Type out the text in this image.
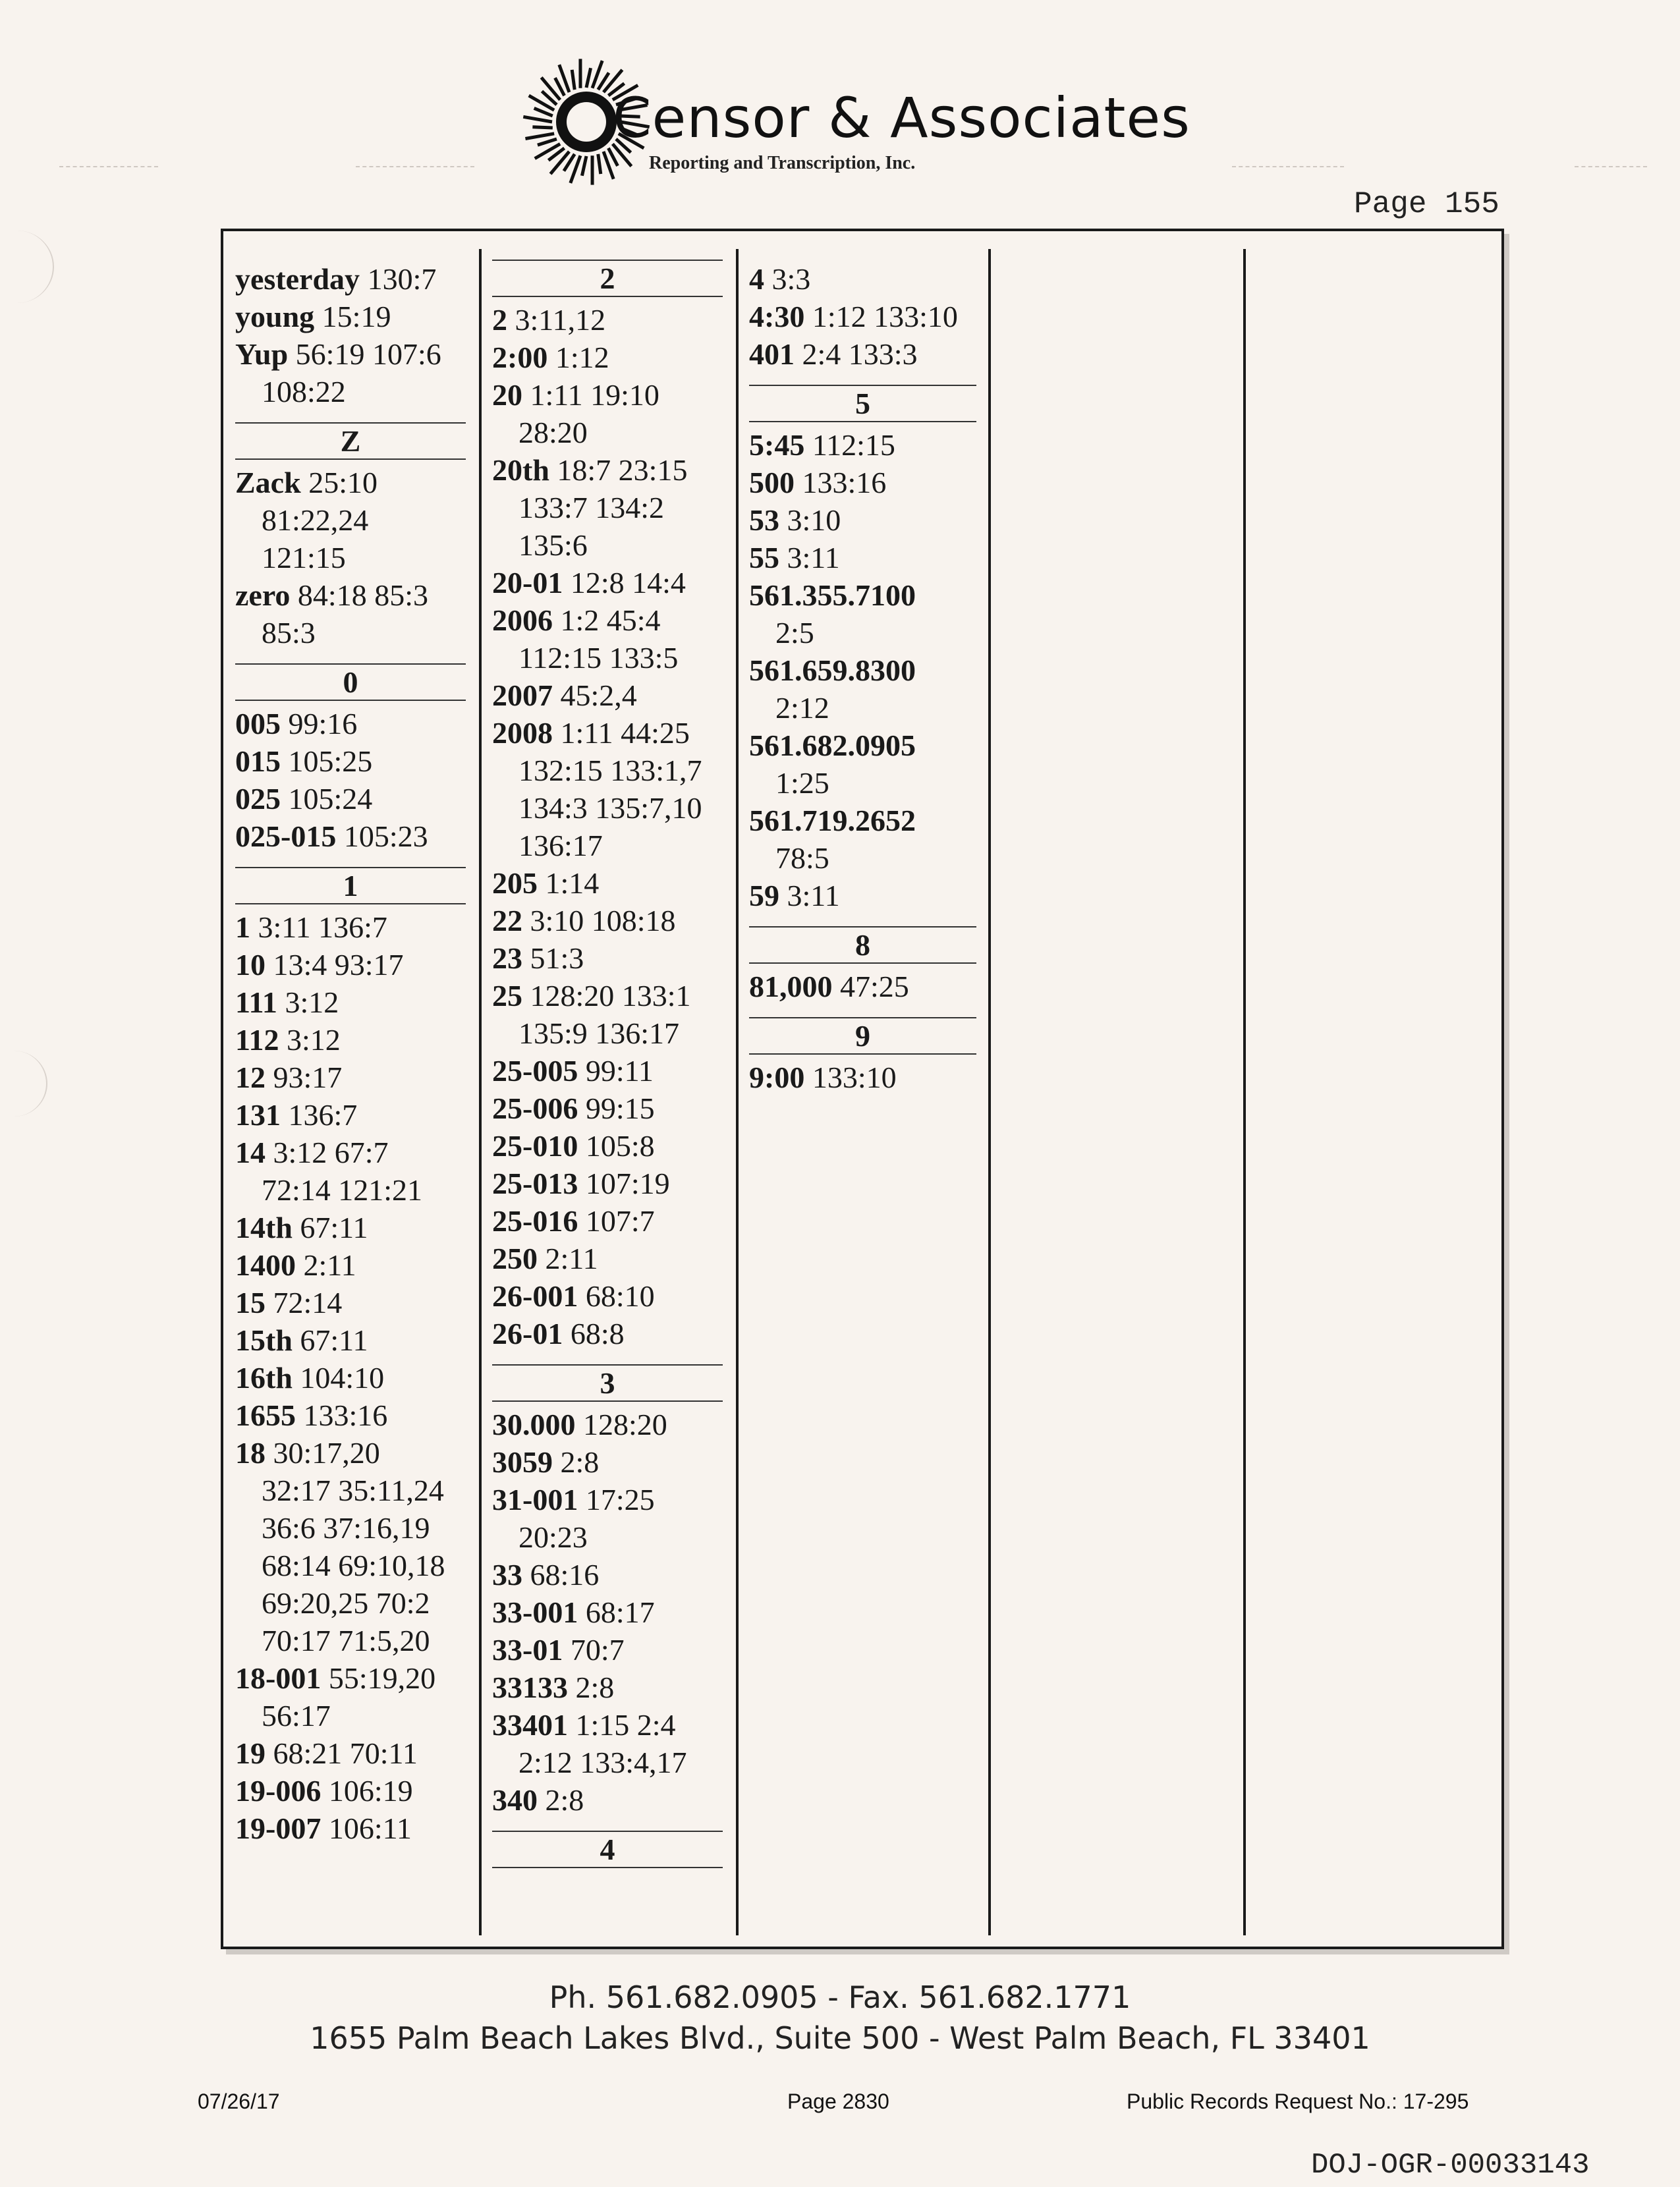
Censor & Associates
Reporting and Transcription, Inc.
Page 155
yesterday 130:7
young 15:19
Yup 56:19 107:6
108:22
Z
Zack 25:10
81:22,24
121:15
zero 84:18 85:3
85:3
0
005 99:16
015 105:25
025 105:24
025-015 105:23
1
1 3:11 136:7
10 13:4 93:17
111 3:12
112 3:12
12 93:17
131 136:7
14 3:12 67:7
72:14 121:21
14th 67:11
1400 2:11
15 72:14
15th 67:11
16th 104:10
1655 133:16
18 30:17,20
32:17 35:11,24
36:6 37:16,19
68:14 69:10,18
69:20,25 70:2
70:17 71:5,20
18-001 55:19,20
56:17
19 68:21 70:11
19-006 106:19
19-007 106:11
2
2 3:11,12
2:00 1:12
20 1:11 19:10
28:20
20th 18:7 23:15
133:7 134:2
135:6
20-01 12:8 14:4
2006 1:2 45:4
112:15 133:5
2007 45:2,4
2008 1:11 44:25
132:15 133:1,7
134:3 135:7,10
136:17
205 1:14
22 3:10 108:18
23 51:3
25 128:20 133:1
135:9 136:17
25-005 99:11
25-006 99:15
25-010 105:8
25-013 107:19
25-016 107:7
250 2:11
26-001 68:10
26-01 68:8
3
30.000 128:20
3059 2:8
31-001 17:25
20:23
33 68:16
33-001 68:17
33-01 70:7
33133 2:8
33401 1:15 2:4
2:12 133:4,17
340 2:8
4
4 3:3
4:30 1:12 133:10
401 2:4 133:3
5
5:45 112:15
500 133:16
53 3:10
55 3:11
561.355.7100
2:5
561.659.8300
2:12
561.682.0905
1:25
561.719.2652
78:5
59 3:11
8
81,000 47:25
9
9:00 133:10
Ph. 561.682.0905 - Fax. 561.682.1771
1655 Palm Beach Lakes Blvd., Suite 500 - West Palm Beach, FL 33401
07/26/17	Page 2830	Public Records Request No.: 17-295
DOJ-OGR-00033143
